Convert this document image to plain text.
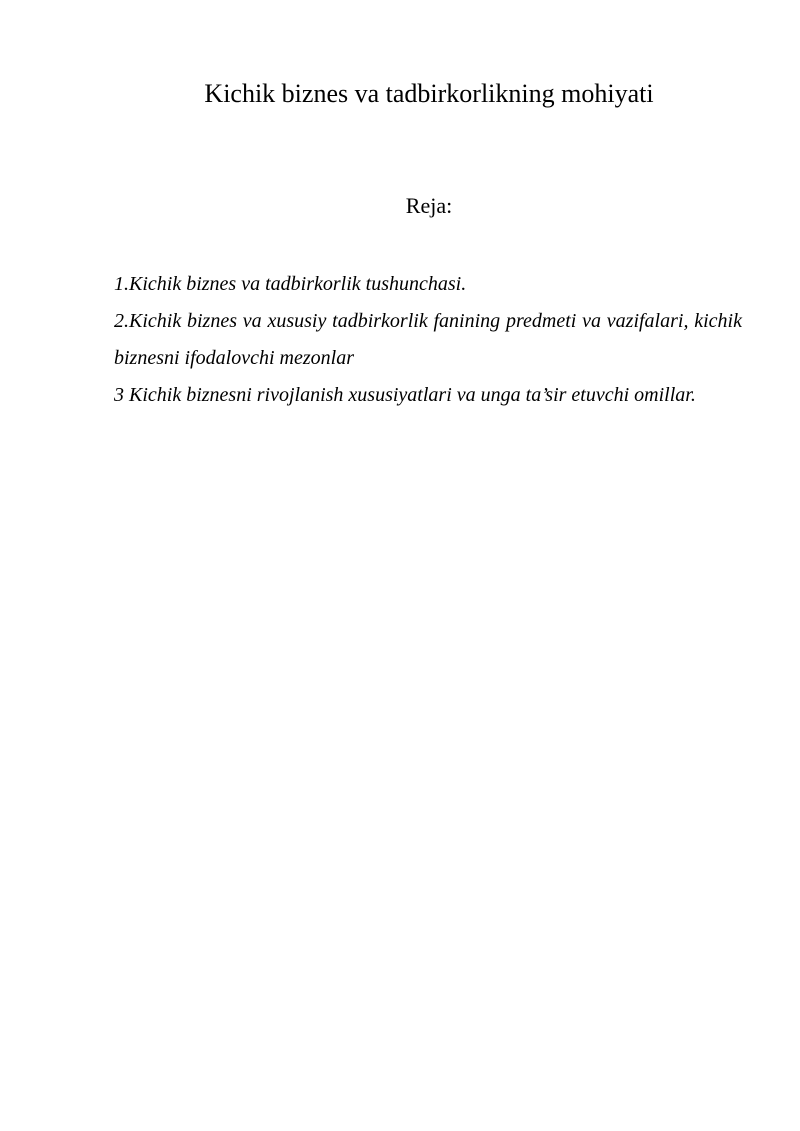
Kichik biznes va tadbirkorlikning mohiyati
Reja:
1.Kichik biznes va tadbirkorlik tushunchasi.
2.Kichik biznes va xususiy tadbirkorlik fanining predmeti va vazifalari, kichik biznesni ifodalovchi mezonlar
3 Kichik biznesni rivojlanish xususiyatlari va unga ta’sir etuvchi omillar.
